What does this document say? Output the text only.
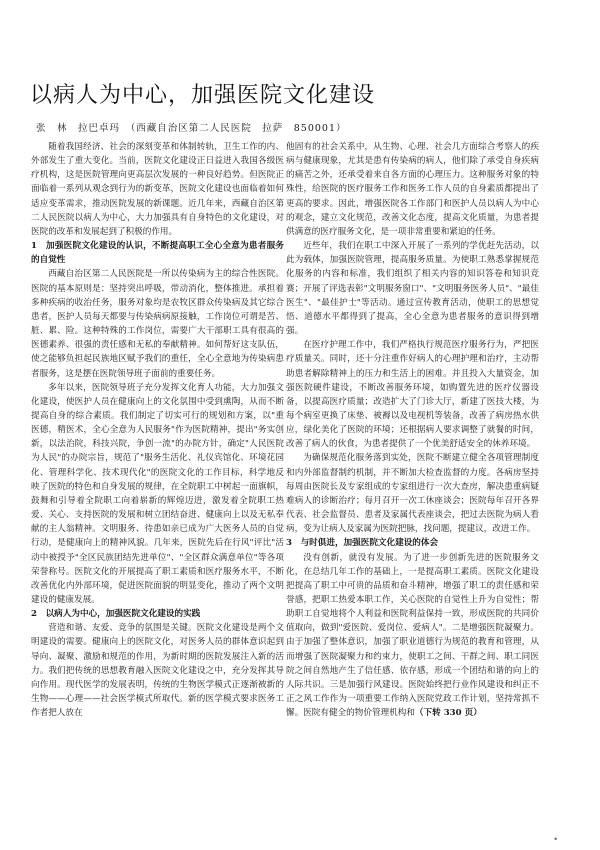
以病人为中心，加强医院文化建设
张　林　拉巴卓玛　（西藏自治区第二人民医院　拉萨　850001）

随着我国经济、社会的深刻变革和体制转轨，卫生工作的内、外部发生了重大变化。当前，医院文化建设正日益进入我国各级医疗机构，这是医院管理向更高层次发展的一种良好趋势。但医院正面临着一系列从观念到行为的新变革，医院文化建设也面临着如何适应变革需求，推动医院发展的新课题。近几年来，西藏自治区第二人民医院以病人为中心，大力加强具有自身特色的文化建设，对医院的改革和发展起到了积极的作用。

1　加强医院文化建设的认识，不断提高职工全心全意为患者服务的自觉性

西藏自治区第二人民医院是一所以传染病为主的综合性医院。医院的基本原则是：坚持突出呼吸，带动消化，整体推进。承担着多种疾病的收治任务，服务对象均是农牧区群众传染病及其它综合患者，医护人员每天都要与传染病病原接触，工作岗位可谓是苦、脏、累、险。这种特殊的工作岗位，需要广大干部职工具有很高的医德素养、很强的责任感和无私的奉献精神。如何帮好这支队伍，使之能够负担起民族地区赋予我们的重任，全心全意地为传染病患者服务，这是摆在医院领导班子面前的重要任务。

多年以来，医院领导班子充分发挥文化育人功能，大力加强文化建设，使医护人员在健康向上的文化氛围中受到熏陶，从而不断提高自身的综合素质。我们制定了切实可行的规划和方案，以"重医德，精医术，全心全意为人民服务"作为医院精神，提出"务实创新，以法治院，科技兴院，争创一流"的办院方针，确定"人民医院为人民"的办院宗旨，规范了"服务生活化、礼仪宾馆化、环境花园化、管理科学化、技术现代化"的医院文化的工作目标，科学地反映了医院的特色和自身发展的规律，在全院职工中树起一面旗帜，鼓舞和引导着全院职工向着崭新的辉煌迈进，激发着全院职工热爱、关心、支持医院的发展和树立团结奋进、健康向上以及无私奉献的主人翁精神。文明服务、待患如亲已成为广大医务人员的自觉行动，是健康向上的精神风貌。几年来，医院先后在行风"评比"活动中被授予"全区民族团结先进单位"、"全区群众满意单位"等各项荣誉称号。医院文化的开展提高了职工素质和医疗服务水平，不断改善优化内外部环境，促进医院面貌的明显变化，推动了两个文明建设的健康发展。

2　以病人为中心，加强医院文化建设的实践

营造和谐、友爱、竞争的氛围是关键。医院文化建设是两个文明建设的需要。健康向上的医院文化，对医务人员的群体意识起到导向、凝聚、激励和规范的作用，为新时期的医院发展注入新的活力。我们把传统的思想教育融入医院文化建设之中，充分发挥其导向作用。现代医学的发展表明，传统的生物医学模式正逐渐被新的生物——心理——社会医学模式所取代。新的医学模式要求医务工作者把人放在

他固有的社会关系中，从生物、心理、社会几方面综合考察人的疾病与健康现象，尤其是患有传染病的病人，他们除了承受自身疾病的痛苦之外，还承受着来自各方面的心理压力。这种服务对象的特殊性，给医院的医疗服务工作和医务工作人员的自身素质都提出了更高的要求。因此，增强医院各工作部门和医护人员以病人为中心的观念，建立文化规范，改善文化态度，提高文化质量，为患者提供满意的医疗服务文化，是一项非常重要和紧迫的任务。

近些年，我们在职工中深入开展了一系列的学优赶先活动，以此为载体，加强医院管理，提高服务质量。为使职工熟悉掌握规范化服务的内容和标准，我们组织了相关内容的知识答卷和知识竞赛；开展了评选表彰"文明服务窗口"、"文明服务医务人员"、"最佳医生"、"最佳护士"等活动。通过宣传教育活动，使职工的思想觉悟、道德水平都得到了提高，全心全意为患者服务的意识得到增强。

在医疗护理工作中，我们严格执行规范医疗服务行为，严把医疗质量关。同时，还十分注重作好病人的心理护理和治疗，主动帮助患者解除精神上的压力和生活上的困难。并且投入大量资金，加强医院硬件建设，不断改善服务环境，如购置先进的医疗仪器设备，以提高医疗质量；改造扩大了门诊大厅，新建了医技大楼，为每个病室更换了床垫、被褥以及电视机等装备，改善了病房热水供应，绿化美化了医院的环境；还根据病人要求调整了就餐的时间，改善了病人的伙食，为患者提供了一个优美舒适安全的休养环境。

为确保规范化服务落到实处，医院不断建立健全各项管理制度和内外部监督制约机制，并不断加大检查监督的力度。各病房坚持每周由医院长及专家组成的专家组进行一次大查房，解决患重病疑难病人的诊断治疗；每月召开一次工休座谈会；医院每年召开各界代表、社会监督员、患者及家属代表座谈会，把过去医院为病人看病，变为让病人及家属为医院把脉，找问题，提建议，改进工作。

3　与时俱进，加强医院文化建设的体会

没有创新，就没有发展。为了进一步创新先进的医院服务文化，在总结几年工作的基础上，一是提高职工素质。医院文化建设把提高了职工中可贵的品质和奋斗精神，增强了职工的责任感和荣誉感，把职工热爱本职工作，关心医院的自觉性上升为自觉性；帮助职工自觉地将个人利益和医院利益保持一致，形成医院的共同价值取向，做到"爱医院、爱岗位、爱病人"。二是增强医院凝聚力。由于加强了整体意识，加强了职业道德行为规范的教育和管理，从而增强了医院凝聚力和约束力，使职工之间、干群之间、职工同医院之间自然地产生了信任感、依存感，形成一个团结和谐的向上的人际共识。三是加强行风建设。医院始终把行业作风建设和纠正不正之风工作作为一项重要工作纳入医院党政工作计划，坚持常抓不懈。医院有健全的物价管理机构和（下转 330 页）

•
